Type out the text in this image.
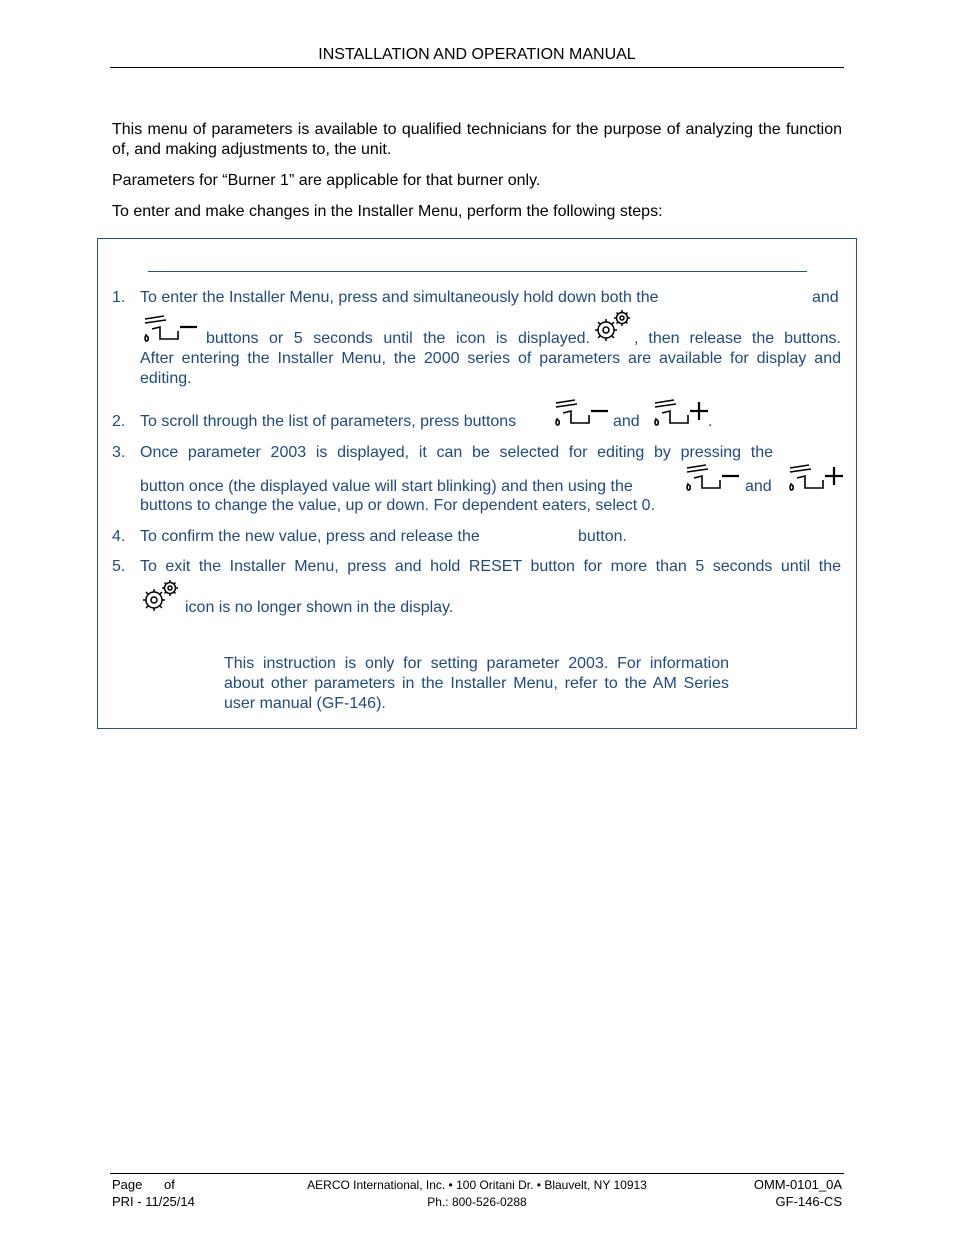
INSTALLATION AND OPERATION MANUAL
This menu of parameters is available to qualified technicians for the purpose of analyzing the function of, and making adjustments to, the unit.
Parameters for “Burner 1” are applicable for that burner only.
To enter and make changes in the Installer Menu, perform the following steps:
1. To enter the Installer Menu, press and simultaneously hold down both the	and
buttons or 5 seconds until the icon is displayed.	, then release the buttons.
After entering the Installer Menu, the 2000 series of parameters are available for display and editing.
2. To scroll through the list of parameters, press buttons	and	.
3. Once parameter 2003 is displayed, it can be selected for editing by pressing the
button once (the displayed value will start blinking) and then using the	and
buttons to change the value, up or down. For dependent eaters, select 0.
4. To confirm the new value, press and release the	button.
5. To exit the Installer Menu, press and hold RESET button for more than 5 seconds until the
icon is no longer shown in the display.
This instruction is only for setting parameter 2003. For information about other parameters in the Installer Menu, refer to the AM Series user manual (GF-146).
Page      of
PRI - 11/25/14
AERCO International, Inc. • 100 Oritani Dr. • Blauvelt, NY 10913
Ph.: 800-526-0288
OMM-0101_0A
GF-146-CS
